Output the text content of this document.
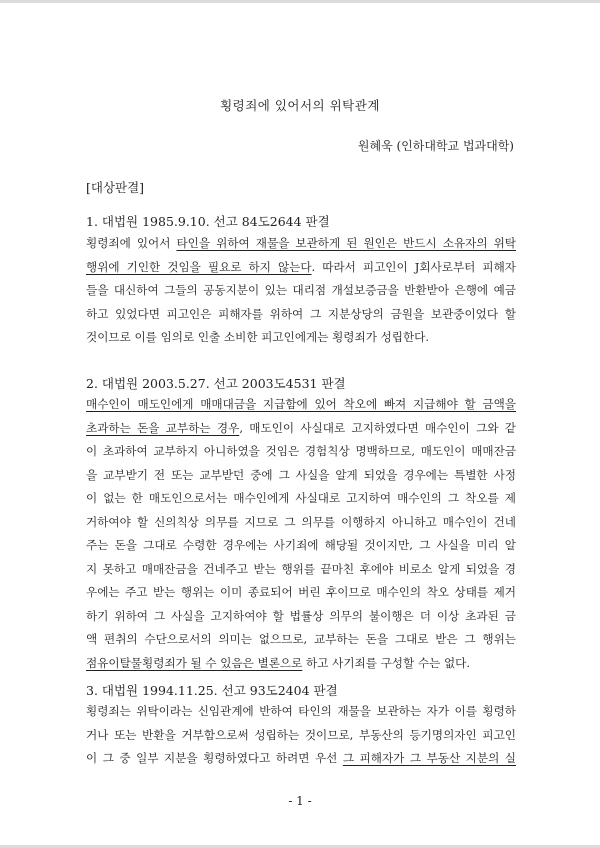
횡령죄에 있어서의 위탁관계
원혜욱 (인하대학교 법과대학)
[대상판결]
1. 대법원 1985.9.10. 선고 84도2644 판결
횡령죄에 있어서 타인을 위하여 재물을 보관하게 된 원인은 반드시 소유자의 위탁
행위에 기인한 것임을 필요로 하지 않는다. 따라서 피고인이 J회사로부터 피해자
들을 대신하여 그들의 공동지분이 있는 대리점 개설보증금을 반환받아 은행에 예금
하고 있었다면 피고인은 피해자를 위하여 그 지분상당의 금원을 보관중이었다 할
것이므로 이를 임의로 인출 소비한 피고인에게는 횡령죄가 성립한다.
2. 대법원 2003.5.27. 선고 2003도4531 판결
매수인이 매도인에게 매매대금을 지급함에 있어 착오에 빠져 지급해야 할 금액을
초과하는 돈을 교부하는 경우, 매도인이 사실대로 고지하였다면 매수인이 그와 같
이 초과하여 교부하지 아니하였을 것임은 경험칙상 명백하므로, 매도인이 매매잔금
을 교부받기 전 또는 교부받던 중에 그 사실을 알게 되었을 경우에는 특별한 사정
이 없는 한 매도인으로서는 매수인에게 사실대로 고지하여 매수인의 그 착오를 제
거하여야 할 신의칙상 의무를 지므로 그 의무를 이행하지 아니하고 매수인이 건네
주는 돈을 그대로 수령한 경우에는 사기죄에 해당될 것이지만, 그 사실을 미리 알
지 못하고 매매잔금을 건네주고 받는 행위를 끝마친 후에야 비로소 알게 되었을 경
우에는 주고 받는 행위는 이미 종료되어 버린 후이므로 매수인의 착오 상태를 제거
하기 위하여 그 사실을 고지하여야 할 법률상 의무의 불이행은 더 이상 초과된 금
액 편취의 수단으로서의 의미는 없으므로, 교부하는 돈을 그대로 받은 그 행위는
점유이탈물횡령죄가 될 수 있음은 별론으로 하고 사기죄를 구성할 수는 없다.
3. 대법원 1994.11.25. 선고 93도2404 판결
횡령죄는 위탁이라는 신임관계에 반하여 타인의 재물을 보관하는 자가 이를 횡령하
거나 또는 반환을 거부함으로써 성립하는 것이므로, 부동산의 등기명의자인 피고인
이 그 중 일부 지분을 횡령하였다고 하려면 우선 그 피해자가 그 부동산 지분의 실
- 1 -
